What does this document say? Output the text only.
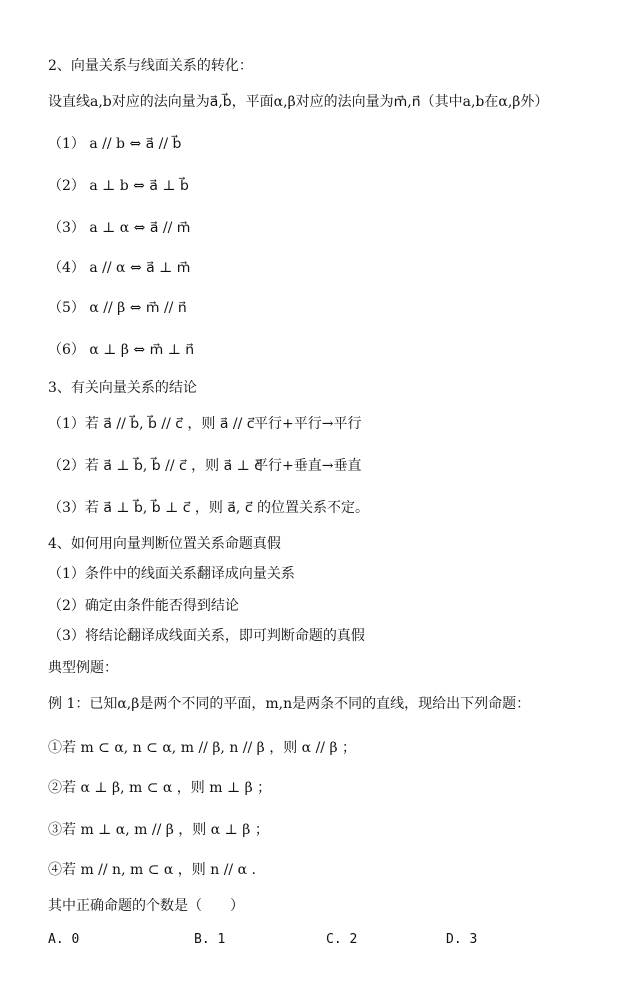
2、向量关系与线面关系的转化：
设直线a,b对应的法向量为a⃗,b⃗，平面α,β对应的法向量为m⃗,n⃗（其中a,b在α,β外）
（1） a // b ⇔ a⃗ // b⃗
（2） a ⊥ b ⇔ a⃗ ⊥ b⃗
（3） a ⊥ α ⇔ a⃗ // m⃗
（4） a // α ⇔ a⃗ ⊥ m⃗
（5） α // β ⇔ m⃗ // n⃗
（6） α ⊥ β ⇔ m⃗ ⊥ n⃗
3、有关向量关系的结论
（1）若 a⃗ // b⃗, b⃗ // c⃗ ，则 a⃗ // c⃗ 平行+平行→平行
（2）若 a⃗ ⊥ b⃗, b⃗ // c⃗ ，则 a⃗ ⊥ c⃗
平行+垂直→垂直
（3）若 a⃗ ⊥ b⃗, b⃗ ⊥ c⃗ ，则 a⃗, c⃗ 的位置关系不定。
4、如何用向量判断位置关系命题真假
（1）条件中的线面关系翻译成向量关系
（2）确定由条件能否得到结论
（3）将结论翻译成线面关系，即可判断命题的真假
典型例题：
例 1：已知α,β是两个不同的平面，m,n是两条不同的直线，现给出下列命题：
①若 m ⊂ α, n ⊂ α, m // β, n // β ，则 α // β ；
②若 α ⊥ β, m ⊂ α ，则 m ⊥ β ；
③若 m ⊥ α, m // β ，则 α ⊥ β ；
④若 m // n, m ⊂ α ，则 n // α .
其中正确命题的个数是（　　）
A. 0	B. 1	C. 2	D. 3
